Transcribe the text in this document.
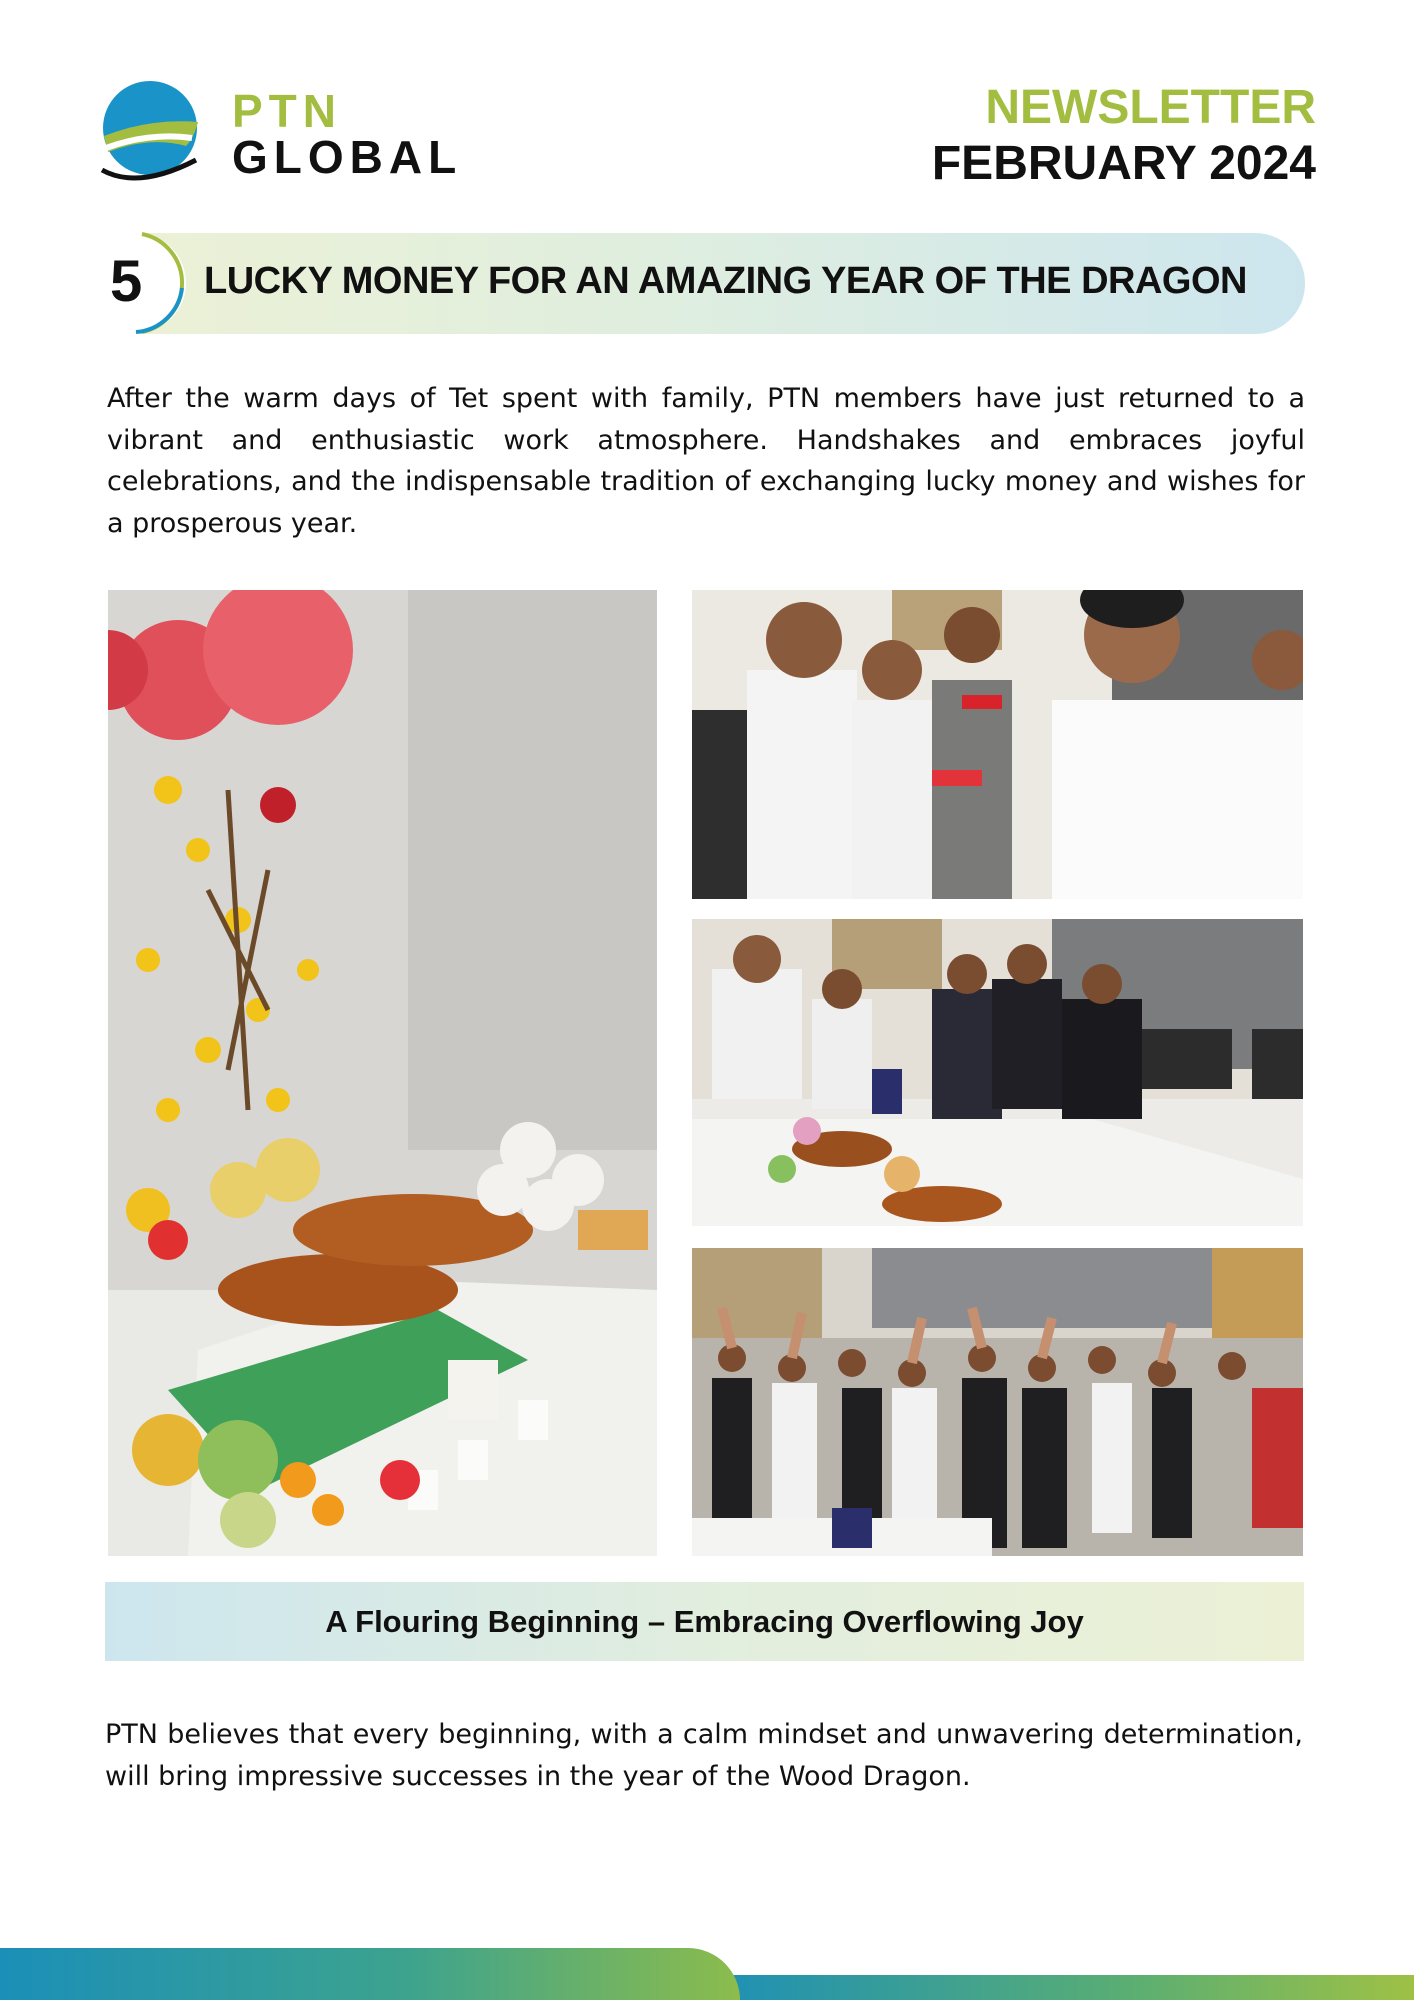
PTN
GLOBAL
NEWSLETTER
FEBRUARY 2024
5 LUCKY MONEY FOR AN AMAZING YEAR OF THE DRAGON
After the warm days of Tet spent with family, PTN members have just returned to a vibrant and enthusiastic work atmosphere. Handshakes and embraces joyful celebrations, and the indispensable tradition of exchanging lucky money and wishes for a prosperous year.
A Flouring Beginning – Embracing Overflowing Joy
PTN believes that every beginning, with a calm mindset and unwavering determination, will bring impressive successes in the year of the Wood Dragon.
